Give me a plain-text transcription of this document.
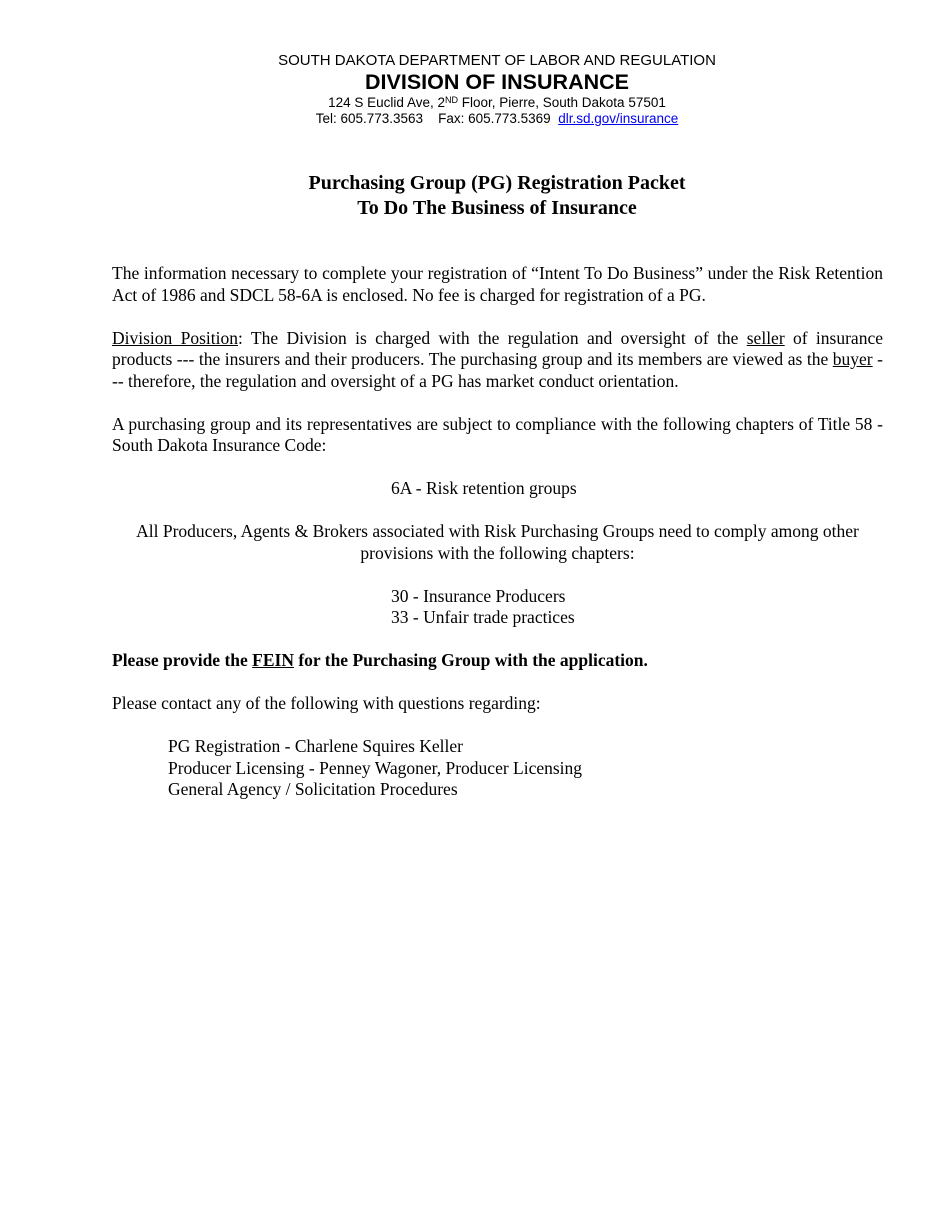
SOUTH DAKOTA DEPARTMENT OF LABOR AND REGULATION
DIVISION OF INSURANCE
124 S Euclid Ave, 2ND Floor, Pierre, South Dakota 57501
Tel: 605.773.3563 Fax: 605.773.5369 dlr.sd.gov/insurance
Purchasing Group (PG) Registration Packet
To Do The Business of Insurance

The information necessary to complete your registration of “Intent To Do Business” under the Risk Retention Act of 1986 and SDCL 58-6A is enclosed. No fee is charged for registration of a PG.

Division Position: The Division is charged with the regulation and oversight of the seller of insurance products --- the insurers and their producers. The purchasing group and its members are viewed as the buyer --- therefore, the regulation and oversight of a PG has market conduct orientation.

A purchasing group and its representatives are subject to compliance with the following chapters of Title 58 - South Dakota Insurance Code:

6A - Risk retention groups

All Producers, Agents & Brokers associated with Risk Purchasing Groups need to comply among other provisions with the following chapters:

30 - Insurance Producers
33 - Unfair trade practices

Please provide the FEIN for the Purchasing Group with the application.

Please contact any of the following with questions regarding:

PG Registration - Charlene Squires Keller
Producer Licensing - Penney Wagoner, Producer Licensing
General Agency / Solicitation Procedures
